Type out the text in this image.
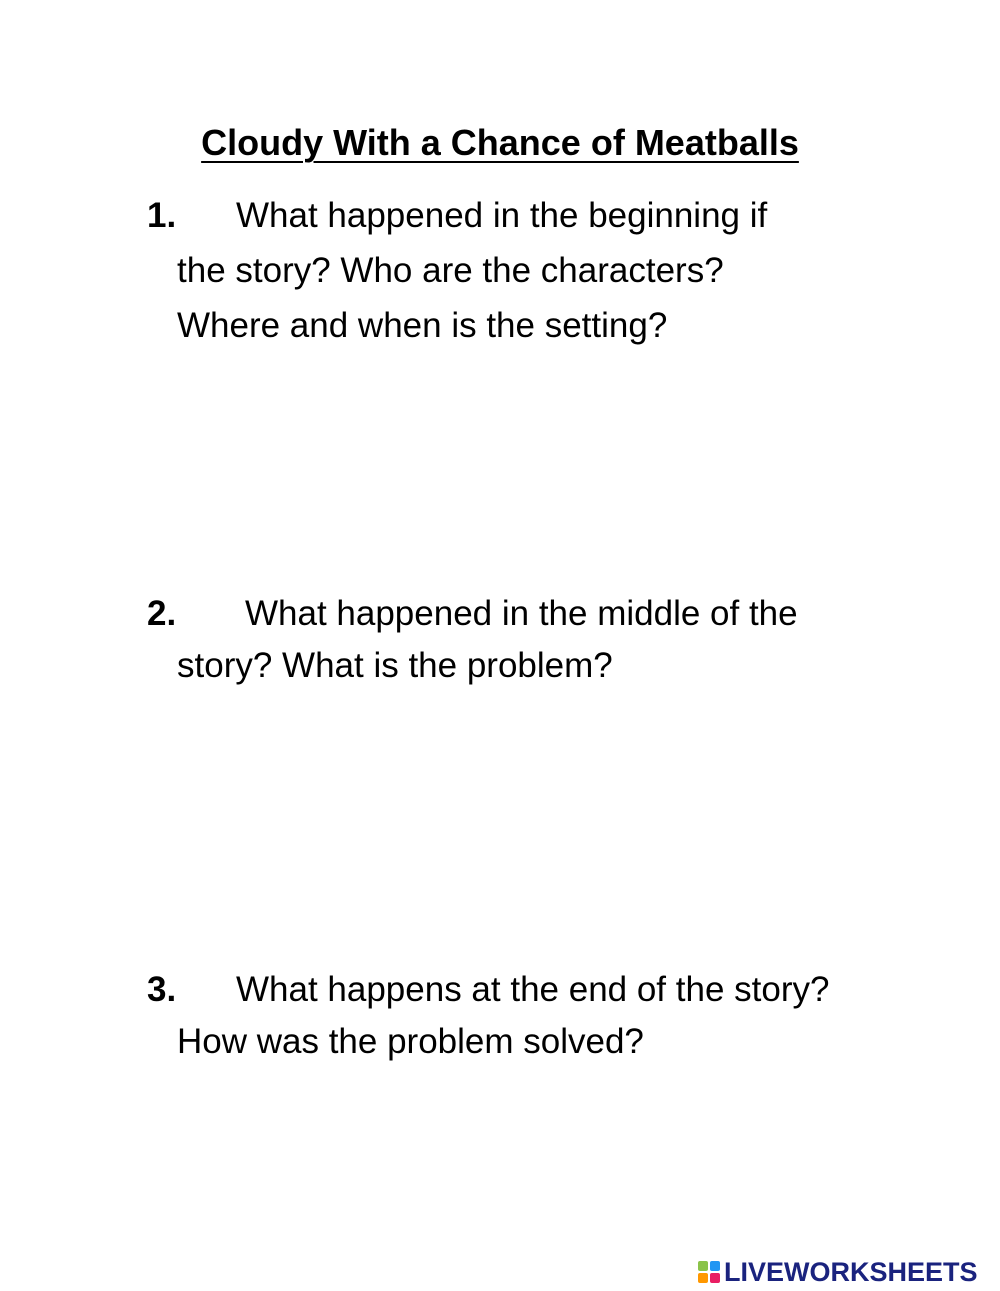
Cloudy With a Chance of Meatballs
1. What happened in the beginning if
the story? Who are the characters?
Where and when is the setting?
2. What happened in the middle of the
story? What is the problem?
3. What happens at the end of the story?
How was the problem solved?
LIVEWORKSHEETS
